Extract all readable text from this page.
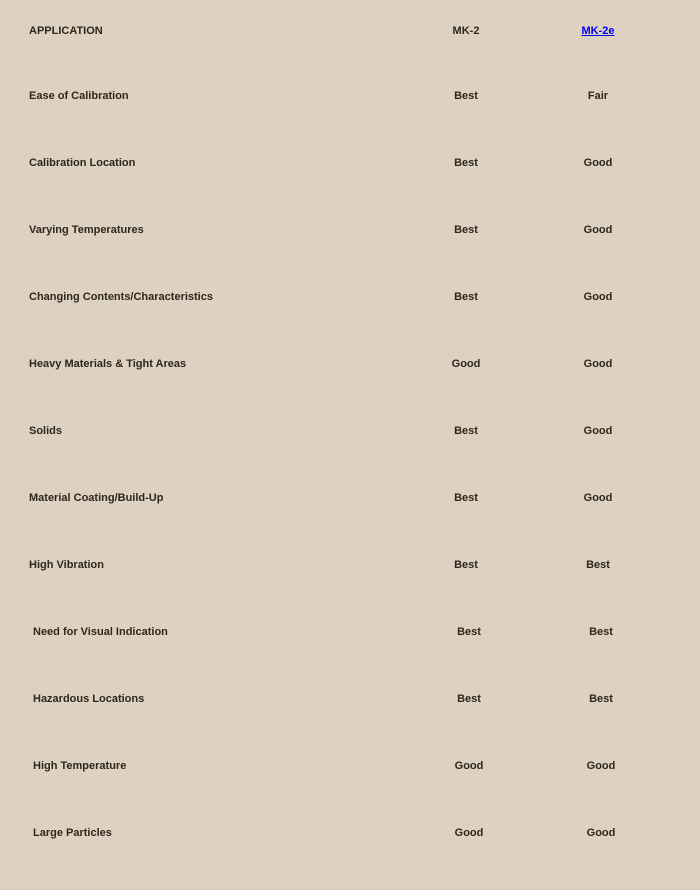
APPLICATION	MK-2	MK-2e
Ease of Calibration	Best	Fair
Calibration Location	Best	Good
Varying Temperatures	Best	Good
Changing Contents/Characteristics	Best	Good
Heavy Materials & Tight Areas	Good	Good
Solids	Best	Good
Material Coating/Build-Up	Best	Good
High Vibration	Best	Best
Need for Visual Indication	Best	Best
Hazardous Locations	Best	Best
High Temperature	Good	Good
Large Particles	Good	Good
